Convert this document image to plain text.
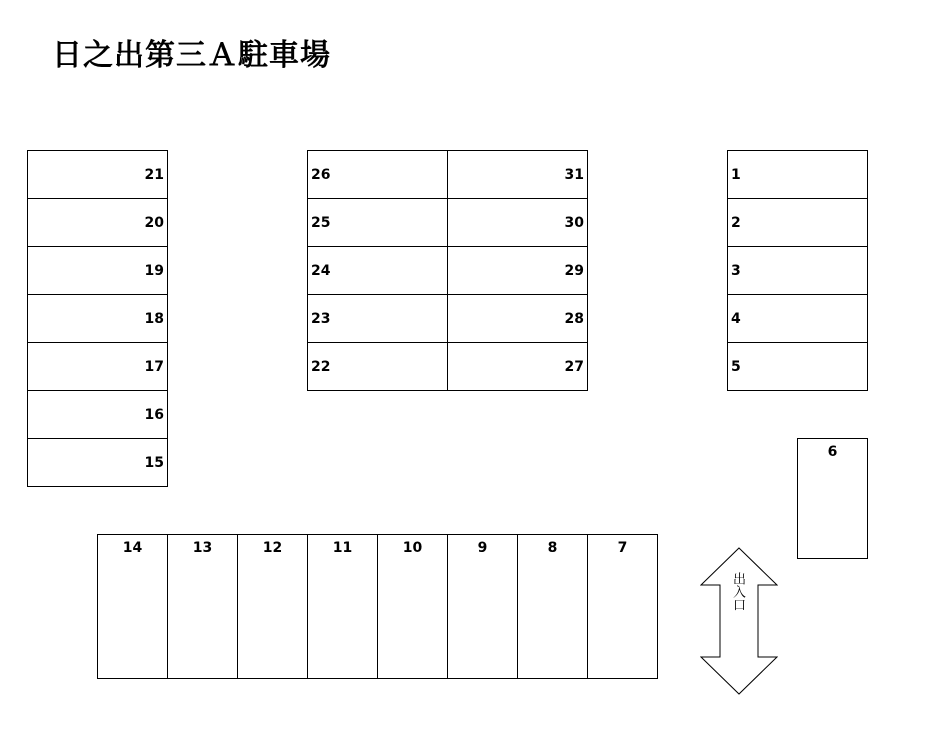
日之出第三Ａ駐車場
21
20
19
18
17
16
15
26
25
24
23
22
31
30
29
28
27
1
2
3
4
5
6
14	13	12	11	10	9	8	7
出入口
